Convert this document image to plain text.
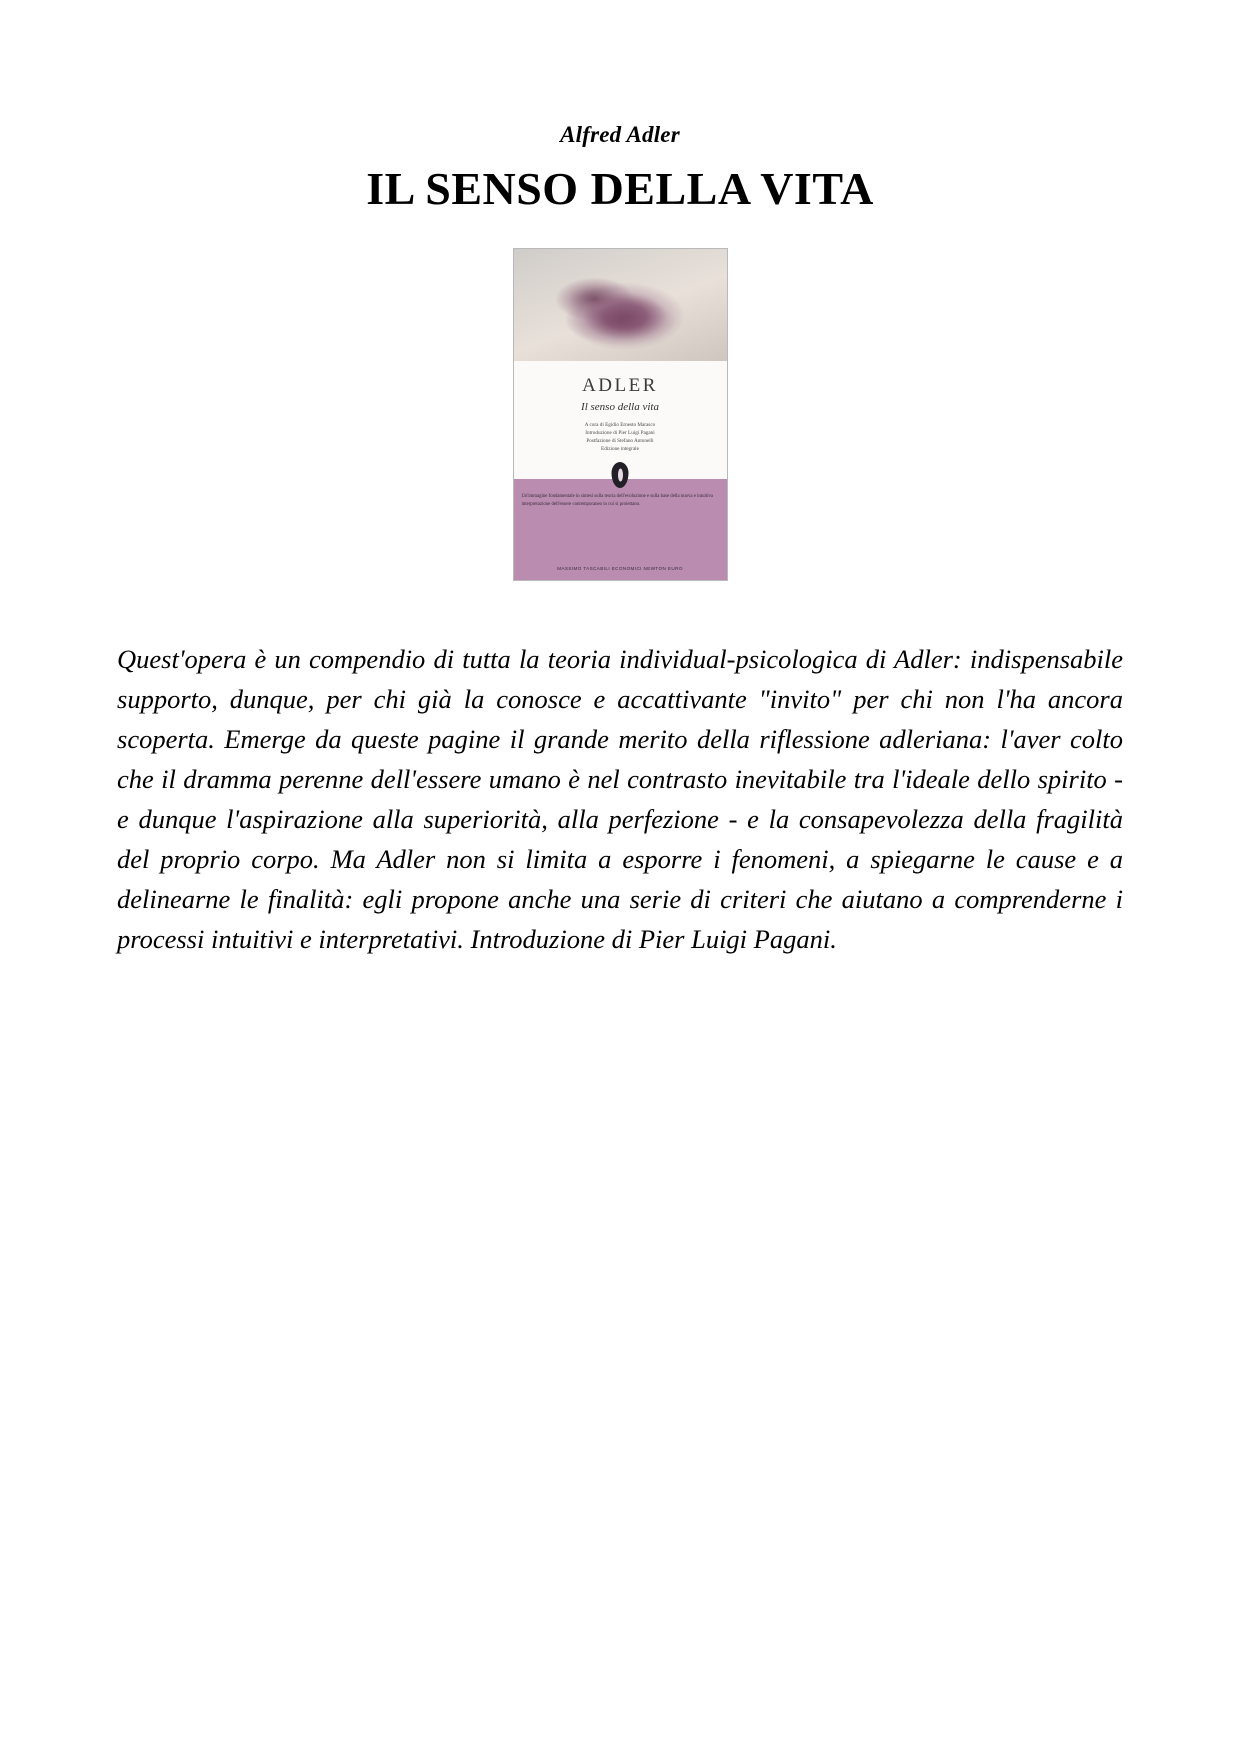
Alfred Adler
IL SENSO DELLA VITA
ADLER
Il senso della vita
A cura di Egidio Ernesto Marasco
Introduzione di Pier Luigi Pagani
Postfazione di Stefano Antonelli
Edizione integrale
Un'immagine fondamentale in sintesi sulla teoria dell'evoluzione e sulla base della nuova e intuitiva interpretazione dell'essere contemporaneo in cui si proiettano.
MASSIMO TASCABILI ECONOMICI NEWTON EURO

Quest'opera è un compendio di tutta la teoria individual-psicologica di Adler: indispensabile supporto, dunque, per chi già la conosce e accattivante "invito" per chi non l'ha ancora scoperta. Emerge da queste pagine il grande merito della riflessione adleriana: l'aver colto che il dramma perenne dell'essere umano è nel contrasto inevitabile tra l'ideale dello spirito - e dunque l'aspirazione alla superiorità, alla perfezione - e la consapevolezza della fragilità del proprio corpo. Ma Adler non si limita a esporre i fenomeni, a spiegarne le cause e a delinearne le finalità: egli propone anche una serie di criteri che aiutano a comprenderne i processi intuitivi e interpretativi. Introduzione di Pier Luigi Pagani.
